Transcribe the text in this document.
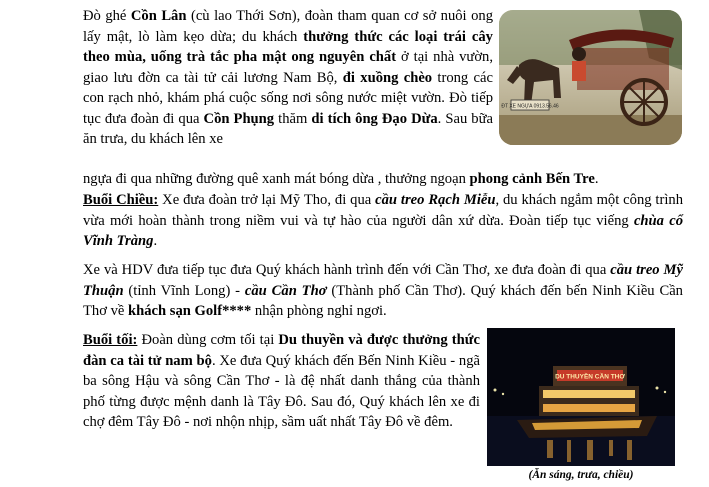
Đò ghé Cồn Lân (cù lao Thới Sơn), đoàn tham quan cơ sở nuôi ong lấy mật, lò làm kẹo dừa; du khách thưởng thức các loại trái cây theo mùa, uống trà tắc pha mật ong nguyên chất ở tại nhà vườn, giao lưu đờn ca tài tử cải lương Nam Bộ, đi xuồng chèo trong các con rạch nhỏ, khám phá cuộc sống nơi sông nước miệt vườn. Đò tiếp tục đưa đoàn đi qua Cồn Phụng thăm di tích ông Đạo Dừa. Sau bữa ăn trưa, du khách lên xe

ngựa đi qua những đường quê xanh mát bóng dừa , thưởng ngoạn phong cảnh Bến Tre.

Buổi Chiều: Xe đưa đoàn trở lại Mỹ Tho, đi qua cầu treo Rạch Miễu, du khách ngắm một công trình vừa mới hoàn thành trong niềm vui và tự hào của người dân xứ dừa. Đoàn tiếp tục viếng chùa cổ Vĩnh Tràng.

Xe và HDV đưa tiếp tục đưa Quý khách hành trình đến với Cần Thơ, xe đưa đoàn đi qua cầu treo Mỹ Thuận (tỉnh Vĩnh Long) - cầu Cần Thơ (Thành phố Cần Thơ). Quý khách đến bến Ninh Kiều Cần Thơ về khách sạn Golf**** nhận phòng nghỉ ngơi.

Buổi tối: Đoàn dùng cơm tối tại Du thuyền và được thưởng thức đàn ca tài tử nam bộ. Xe đưa Quý khách đến Bến Ninh Kiều - ngã ba sông Hậu và sông Cần Thơ - là đệ nhất danh thắng của thành phố từng được mệnh danh là Tây Đô. Sau đó, Quý khách lên xe đi chợ đêm Tây Đô - nơi nhộn nhịp, sầm uất nhất Tây Đô về đêm.

ĐT XE NGỰA 0913.56.46
DU THUYỀN CẦN THƠ
(Ăn sáng, trưa, chiều)
